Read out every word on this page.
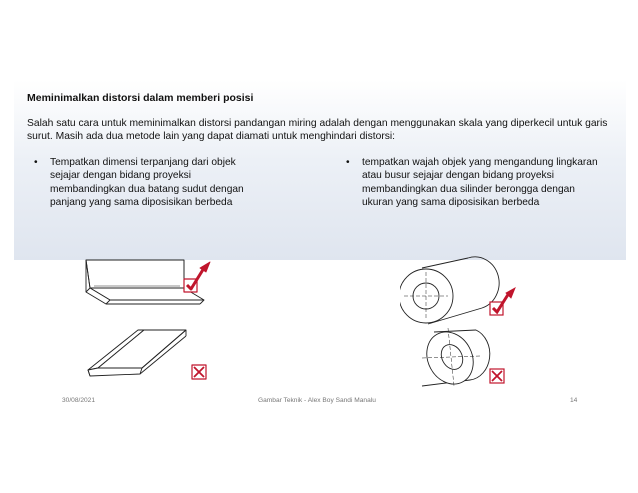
Meminimalkan distorsi dalam memberi posisi
Salah satu cara untuk meminimalkan distorsi pandangan miring adalah dengan menggunakan skala yang diperkecil untuk garis surut. Masih ada dua metode lain yang dapat diamati untuk menghindari distorsi:
•	Tempatkan dimensi terpanjang dari objek sejajar dengan bidang proyeksi membandingkan dua batang sudut dengan panjang yang sama diposisikan berbeda
•	tempatkan wajah objek yang mengandung lingkaran atau busur sejajar dengan bidang proyeksi membandingkan dua silinder berongga dengan ukuran yang sama diposisikan berbeda
30/08/2021	Gambar Teknik - Alex Boy Sandi Manalu	14
